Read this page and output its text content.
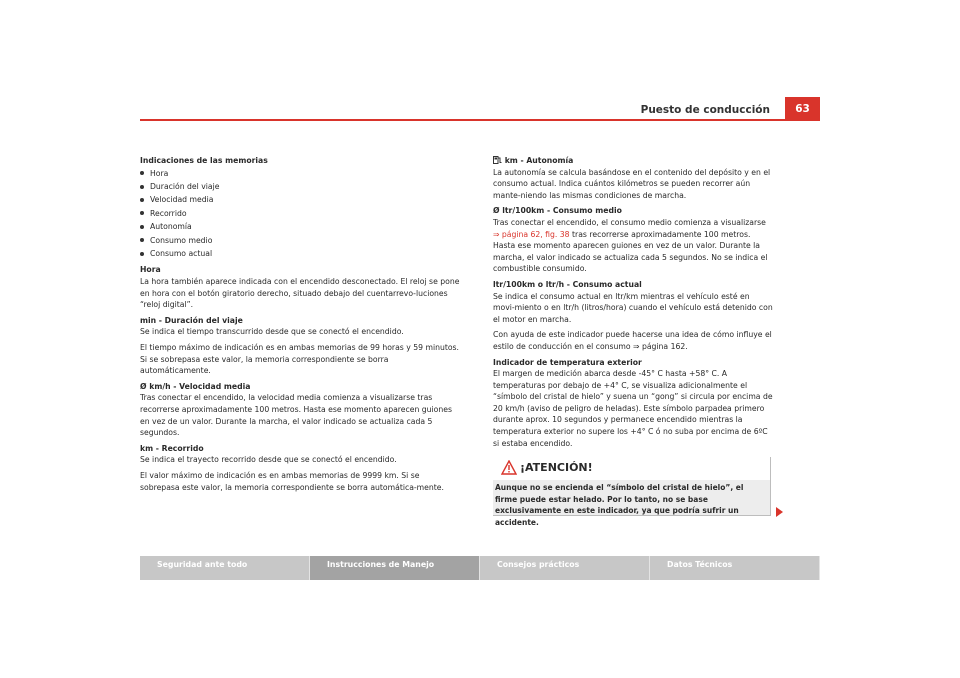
Puesto de conducción	63

Indicaciones de las memorias

Hora
Duración del viaje
Velocidad media
Recorrido
Autonomía
Consumo medio
Consumo actual

Hora

La hora también aparece indicada con el encendido desconectado. El reloj se pone en hora con el botón giratorio derecho, situado debajo del cuentarrevo-luciones “reloj digital”.

min - Duración del viaje

Se indica el tiempo transcurrido desde que se conectó el encendido.

El tiempo máximo de indicación es en ambas memorias de 99 horas y 59 minutos. Si se sobrepasa este valor, la memoria correspondiente se borra automáticamente.

Ø km/h - Velocidad media

Tras conectar el encendido, la velocidad media comienza a visualizarse tras recorrerse aproximadamente 100 metros. Hasta ese momento aparecen guiones en vez de un valor. Durante la marcha, el valor indicado se actualiza cada 5 segundos.

km - Recorrido

Se indica el trayecto recorrido desde que se conectó el encendido.

El valor máximo de indicación es en ambas memorias de 9999 km. Si se sobrepasa este valor, la memoria correspondiente se borra automática-mente.

km - Autonomía

La autonomía se calcula basándose en el contenido del depósito y en el consumo actual. Indica cuántos kilómetros se pueden recorrer aún mante-niendo las mismas condiciones de marcha.

Ø ltr/100km - Consumo medio

Tras conectar el encendido, el consumo medio comienza a visualizarse
⇒ página 62, fig. 38 tras recorrerse aproximadamente 100 metros. Hasta ese momento aparecen guiones en vez de un valor. Durante la marcha, el valor indicado se actualiza cada 5 segundos. No se indica el combustible consumido.

ltr/100km o ltr/h - Consumo actual

Se indica el consumo actual en ltr/km mientras el vehículo esté en movi-miento o en ltr/h (litros/hora) cuando el vehículo está detenido con el motor en marcha.

Con ayuda de este indicador puede hacerse una idea de cómo influye el estilo de conducción en el consumo ⇒ página 162.

Indicador de temperatura exterior

El margen de medición abarca desde -45° C hasta +58° C. A temperaturas por debajo de +4° C, se visualiza adicionalmente el “símbolo del cristal de hielo” y suena un “gong” si circula por encima de 20 km/h (aviso de peligro de heladas). Este símbolo parpadea primero durante aprox. 10 segundos y permanece encendido mientras la temperatura exterior no supere los +4° C ó no suba por encima de 6ºC si estaba encendido.

¡ATENCIÓN!
Aunque no se encienda el “símbolo del cristal de hielo”, el firme puede estar helado. Por lo tanto, no se base exclusivamente en este indicador, ya que podría sufrir un accidente.
Seguridad ante todo	Instrucciones de Manejo	Consejos prácticos	Datos Técnicos
